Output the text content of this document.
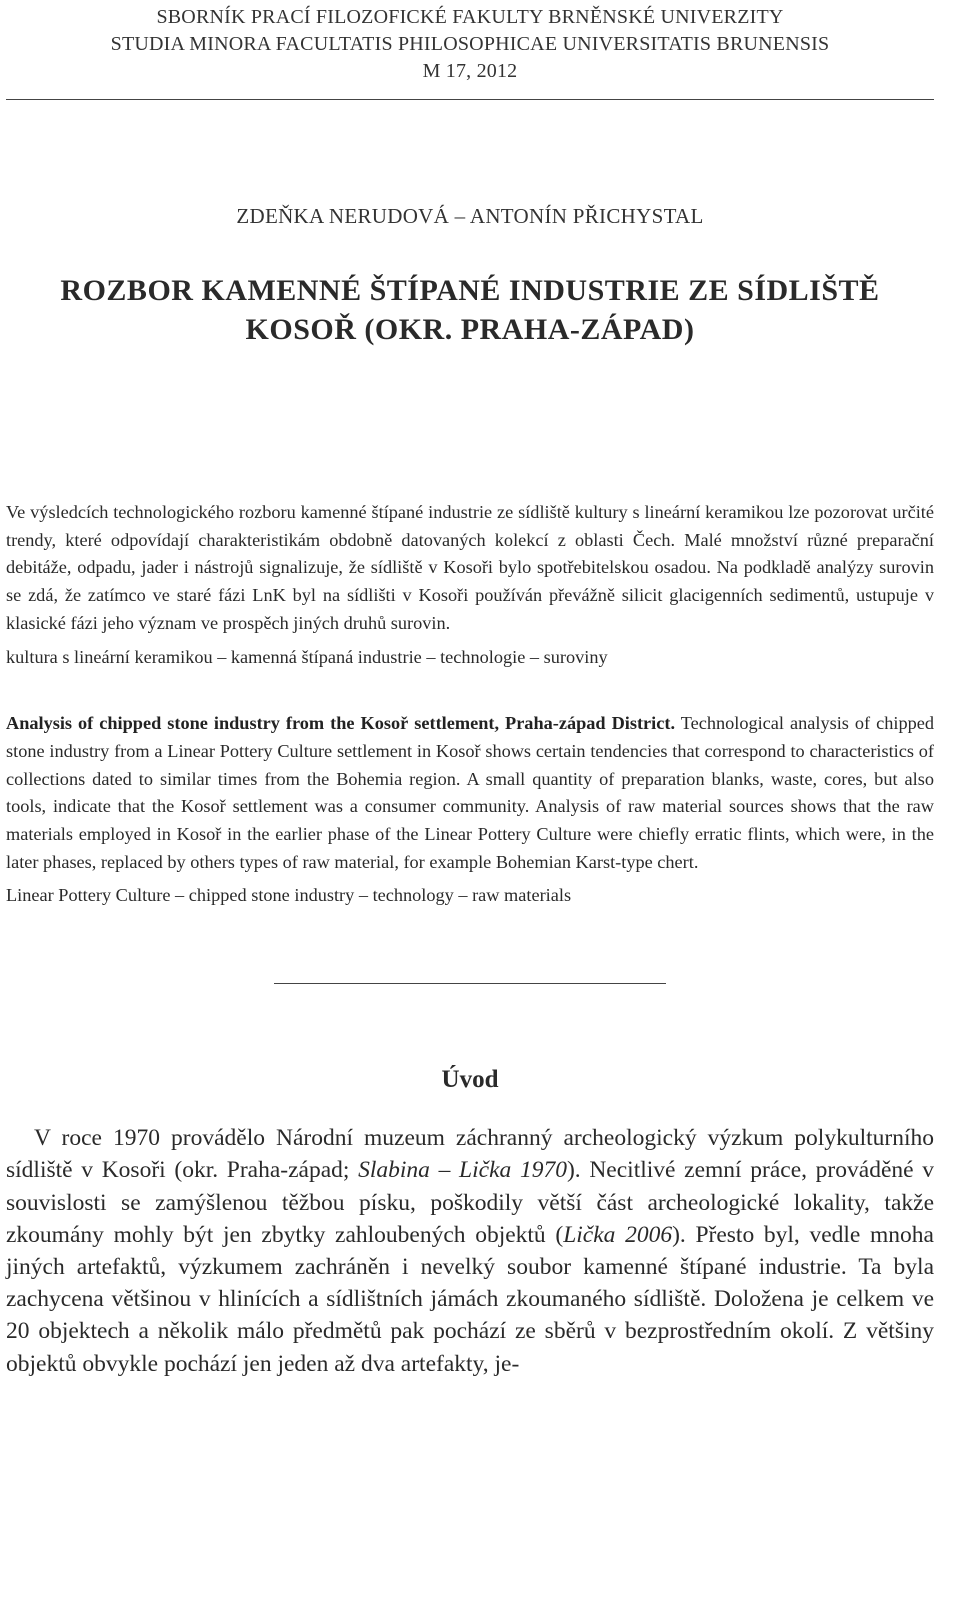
SBORNÍK PRACÍ FILOZOFICKÉ FAKULTY BRNĚNSKÉ UNIVERZITY
STUDIA MINORA FACULTATIS PHILOSOPHICAE UNIVERSITATIS BRUNENSIS
M 17, 2012
ZDEŇKA NERUDOVÁ – ANTONÍN PŘICHYSTAL
ROZBOR KAMENNÉ ŠTÍPANÉ INDUSTRIE ZE SÍDLIŠTĚ
KOSOŘ (OKR. PRAHA-ZÁPAD)
Ve výsledcích technologického rozboru kamenné štípané industrie ze sídliště kultury s lineární keramikou lze pozorovat určité trendy, které odpovídají charakteristikám obdobně datovaných kolekcí z oblasti Čech. Malé množství různé preparační debitáže, odpadu, jader i nástrojů signalizuje, že sídliště v Kosoři bylo spotřebitelskou osadou. Na podkladě analýzy surovin se zdá, že zatímco ve staré fázi LnK byl na sídlišti v Kosoři používán převážně silicit glacigenních sedimentů, ustupuje v klasické fázi jeho význam ve prospěch jiných druhů surovin.
kultura s lineární keramikou – kamenná štípaná industrie – technologie – suroviny
Analysis of chipped stone industry from the Kosoř settlement, Praha-západ District. Technological analysis of chipped stone industry from a Linear Pottery Culture settlement in Kosoř shows certain tendencies that correspond to characteristics of collections dated to similar times from the Bohemia region. A small quantity of preparation blanks, waste, cores, but also tools, indicate that the Kosoř settlement was a consumer community. Analysis of raw material sources shows that the raw materials employed in Kosoř in the earlier phase of the Linear Pottery Culture were chiefly erratic flints, which were, in the later phases, replaced by others types of raw material, for example Bohemian Karst-type chert.
Linear Pottery Culture – chipped stone industry – technology – raw materials
Úvod
V roce 1970 provádělo Národní muzeum záchranný archeologický výzkum polykulturního sídliště v Kosoři (okr. Praha-západ; Slabina – Lička 1970). Necitlivé zemní práce, prováděné v souvislosti se zamýšlenou těžbou písku, poškodily větší část archeologické lokality, takže zkoumány mohly být jen zbytky zahloubených objektů (Lička 2006). Přesto byl, vedle mnoha jiných artefaktů, výzkumem zachráněn i nevelký soubor kamenné štípané industrie. Ta byla zachycena většinou v hlinících a sídlištních jámách zkoumaného sídliště. Doložena je celkem ve 20 objektech a několik málo předmětů pak pochází ze sběrů v bezprostředním okolí. Z většiny objektů obvykle pochází jen jeden až dva artefakty, je-
